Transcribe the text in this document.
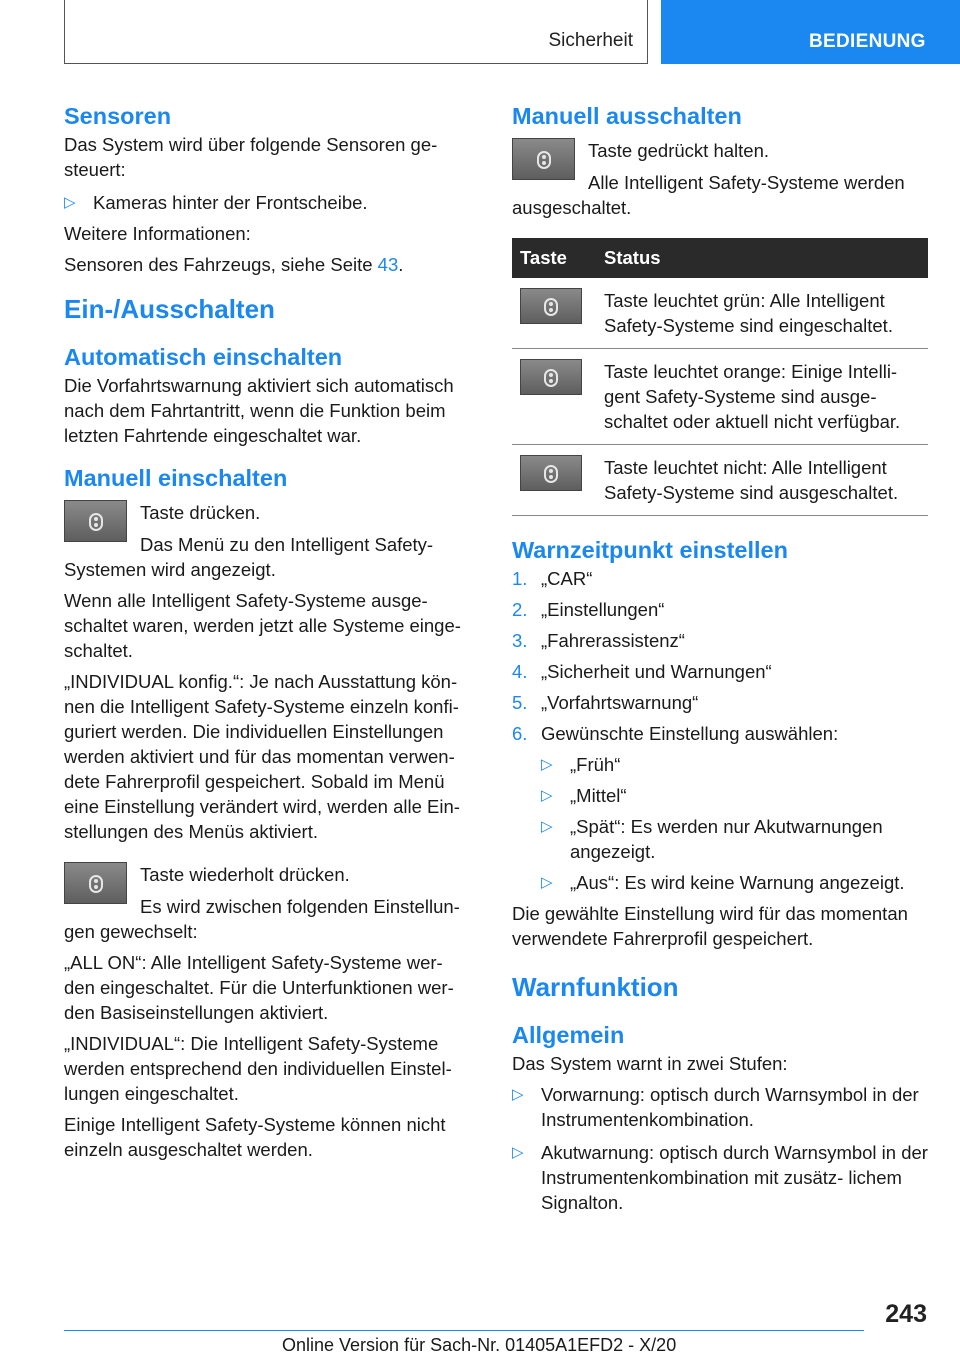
Sicherheit	BEDIENUNG
Sensoren

Das System wird über folgende Sensoren ge- steuert:

▷ Kameras hinter der Frontscheibe.

Weitere Informationen:

Sensoren des Fahrzeugs, siehe Seite 43.

Ein-/Ausschalten
Automatisch einschalten

Die Vorfahrtswarnung aktiviert sich automatisch nach dem Fahrtantritt, wenn die Funktion beim letzten Fahrtende eingeschaltet war.

Manuell einschalten

Taste drücken.

Das Menü zu den Intelligent Safety-

Systemen wird angezeigt.

Wenn alle Intelligent Safety-Systeme ausge- schaltet waren, werden jetzt alle Systeme einge- schaltet.

„INDIVIDUAL konfig.“: Je nach Ausstattung kön- nen die Intelligent Safety-Systeme einzeln konfi- guriert werden. Die individuellen Einstellungen werden aktiviert und für das momentan verwen- dete Fahrerprofil gespeichert. Sobald im Menü eine Einstellung verändert wird, werden alle Ein- stellungen des Menüs aktiviert.

Taste wiederholt drücken.

Es wird zwischen folgenden Einstellun-

gen gewechselt:

„ALL ON“: Alle Intelligent Safety-Systeme wer- den eingeschaltet. Für die Unterfunktionen wer- den Basiseinstellungen aktiviert.

„INDIVIDUAL“: Die Intelligent Safety-Systeme werden entsprechend den individuellen Einstel- lungen eingeschaltet.

Einige Intelligent Safety-Systeme können nicht einzeln ausgeschaltet werden.

Manuell ausschalten

Taste gedrückt halten.

Alle Intelligent Safety-Systeme werden

ausgeschaltet.

Taste	Status

	Taste leuchtet grün: Alle Intelligent Safety-Systeme sind eingeschaltet.

	Taste leuchtet orange: Einige Intelli- gent Safety-Systeme sind ausge- schaltet oder aktuell nicht verfügbar.

	Taste leuchtet nicht: Alle Intelligent Safety-Systeme sind ausgeschaltet.
Warnzeitpunkt einstellen
1. „CAR“
2. „Einstellungen“
3. „Fahrerassistenz“
4. „Sicherheit und Warnungen“
5. „Vorfahrtswarnung“
6. Gewünschte Einstellung auswählen:
▷ „Früh“
▷ „Mittel“
▷ „Spät“: Es werden nur Akutwarnungen angezeigt.
▷ „Aus“: Es wird keine Warnung angezeigt.

Die gewählte Einstellung wird für das momentan verwendete Fahrerprofil gespeichert.

Warnfunktion
Allgemein

Das System warnt in zwei Stufen:

▷ Vorwarnung: optisch durch Warnsymbol in der Instrumentenkombination.
▷ Akutwarnung: optisch durch Warnsymbol in der Instrumentenkombination mit zusätz- lichem Signalton.
243
Online Version für Sach-Nr. 01405A1EFD2 - X/20
